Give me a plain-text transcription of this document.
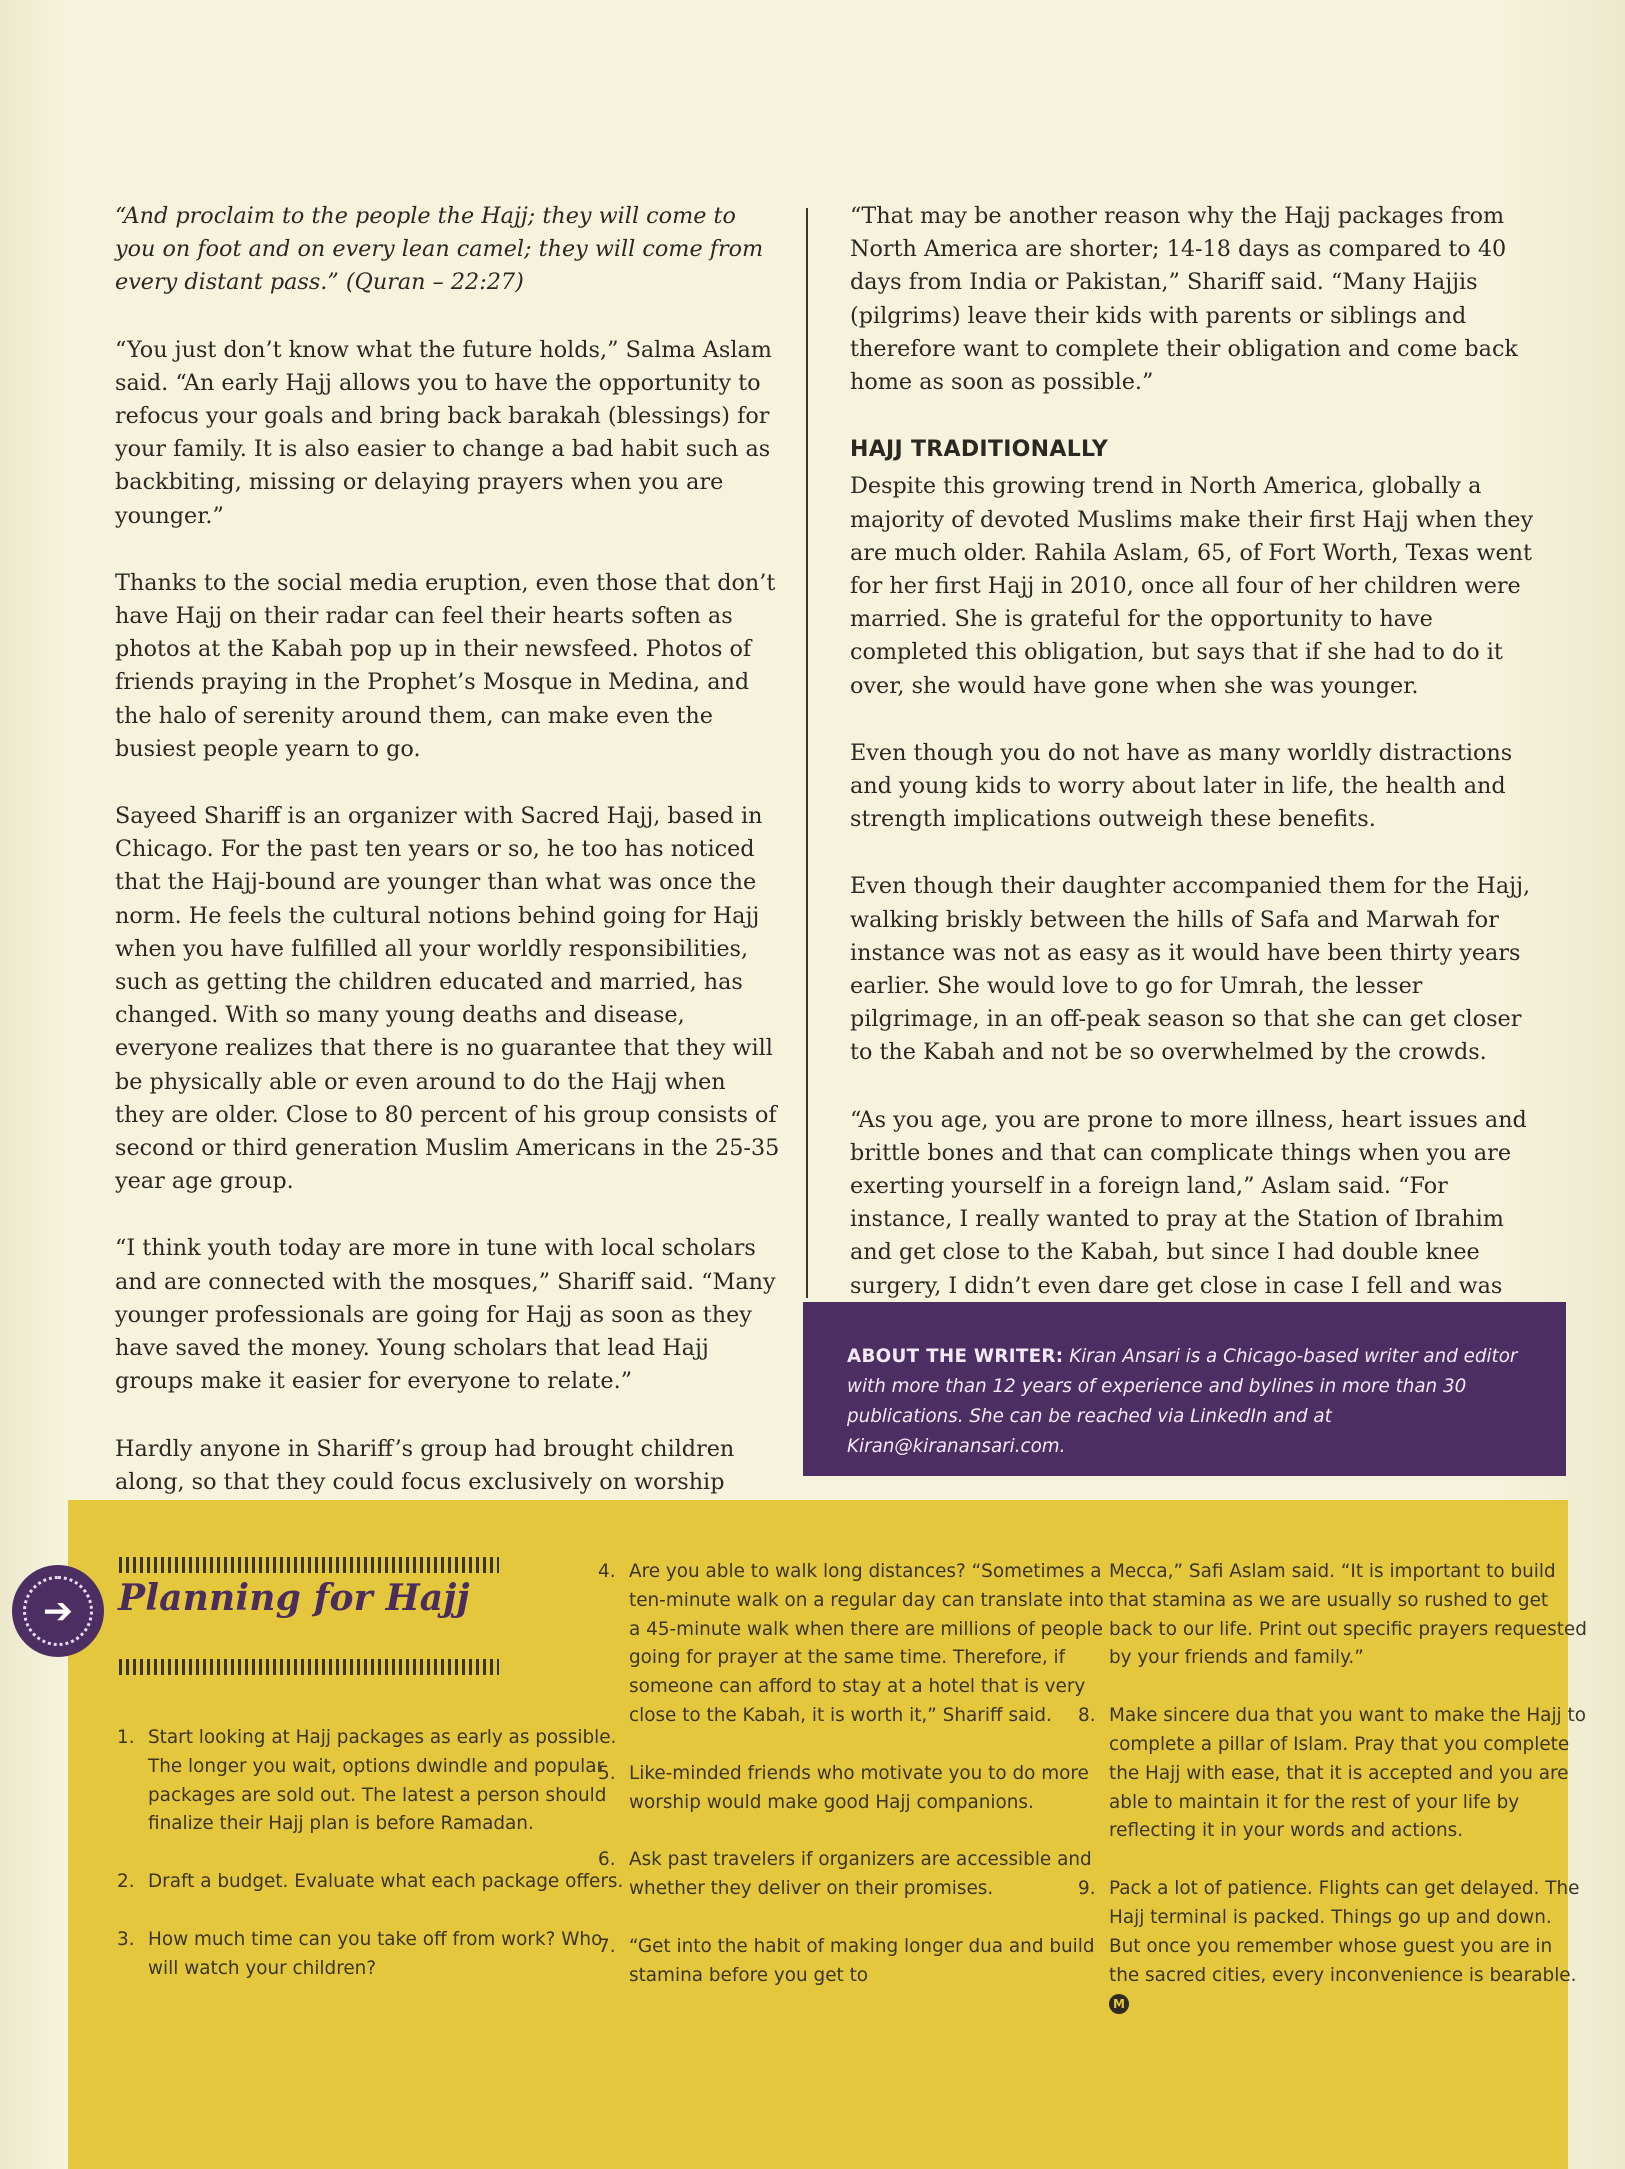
“And proclaim to the people the Hajj; they will come to you on foot and on every lean camel; they will come from every distant pass.” (Quran – 22:27)

“You just don’t know what the future holds,” Salma Aslam said. “An early Hajj allows you to have the opportunity to refocus your goals and bring back barakah (blessings) for your family. It is also easier to change a bad habit such as backbiting, missing or delaying prayers when you are younger.”

Thanks to the social media eruption, even those that don’t have Hajj on their radar can feel their hearts soften as photos at the Kabah pop up in their newsfeed. Photos of friends praying in the Prophet’s Mosque in Medina, and the halo of serenity around them, can make even the busiest people yearn to go.

Sayeed Shariff is an organizer with Sacred Hajj, based in Chicago. For the past ten years or so, he too has noticed that the Hajj-bound are younger than what was once the norm. He feels the cultural notions behind going for Hajj when you have fulfilled all your worldly responsibilities, such as getting the children educated and married, has changed. With so many young deaths and disease, everyone realizes that there is no guarantee that they will be physically able or even around to do the Hajj when they are older. Close to 80 percent of his group consists of second or third generation Muslim Americans in the 25-35 year age group.

“I think youth today are more in tune with local scholars and are connected with the mosques,” Shariff said. “Many younger professionals are going for Hajj as soon as they have saved the money. Young scholars that lead Hajj groups make it easier for everyone to relate.”

Hardly anyone in Shariff’s group had brought children along, so that they could focus exclusively on worship

“That may be another reason why the Hajj packages from North America are shorter; 14-18 days as compared to 40 days from India or Pakistan,” Shariff said. “Many Hajjis (pilgrims) leave their kids with parents or siblings and therefore want to complete their obligation and come back home as soon as possible.”

HAJJ TRADITIONALLY

Despite this growing trend in North America, globally a majority of devoted Muslims make their first Hajj when they are much older. Rahila Aslam, 65, of Fort Worth, Texas went for her first Hajj in 2010, once all four of her children were married. She is grateful for the opportunity to have completed this obligation, but says that if she had to do it over, she would have gone when she was younger.

Even though you do not have as many worldly distractions and young kids to worry about later in life, the health and strength implications outweigh these benefits.

Even though their daughter accompanied them for the Hajj, walking briskly between the hills of Safa and Marwah for instance was not as easy as it would have been thirty years earlier. She would love to go for Umrah, the lesser pilgrimage, in an off-peak season so that she can get closer to the Kabah and not be so overwhelmed by the crowds.

“As you age, you are prone to more illness, heart issues and brittle bones and that can complicate things when you are exerting yourself in a foreign land,” Aslam said. “For instance, I really wanted to pray at the Station of Ibrahim and get close to the Kabah, but since I had double knee surgery, I didn’t even dare get close in case I fell and was

ABOUT THE WRITER: Kiran Ansari is a Chicago-based writer and editor with more than 12 years of experience and bylines in more than 30 publications. She can be reached via LinkedIn and at Kiran@kiranansari.com.
Planning for Hajj
1. Start looking at Hajj packages as early as possible. The longer you wait, options dwindle and popular packages are sold out. The latest a person should finalize their Hajj plan is before Ramadan.
2. Draft a budget. Evaluate what each package offers.
3. How much time can you take off from work? Who will watch your children?
4. Are you able to walk long distances? “Sometimes a ten-minute walk on a regular day can translate into a 45-minute walk when there are millions of people going for prayer at the same time. Therefore, if someone can afford to stay at a hotel that is very close to the Kabah, it is worth it,” Shariff said.
5. Like-minded friends who motivate you to do more worship would make good Hajj companions.
6. Ask past travelers if organizers are accessible and whether they deliver on their promises.
7. “Get into the habit of making longer dua and build stamina before you get to
Mecca,” Safi Aslam said. “It is important to build that stamina as we are usually so rushed to get back to our life. Print out specific prayers requested by your friends and family.”
8. Make sincere dua that you want to make the Hajj to complete a pillar of Islam. Pray that you complete the Hajj with ease, that it is accepted and you are able to maintain it for the rest of your life by reflecting it in your words and actions.
9. Pack a lot of patience. Flights can get delayed. The Hajj terminal is packed. Things go up and down. But once you remember whose guest you are in the sacred cities, every inconvenience is bearable. M
➔
